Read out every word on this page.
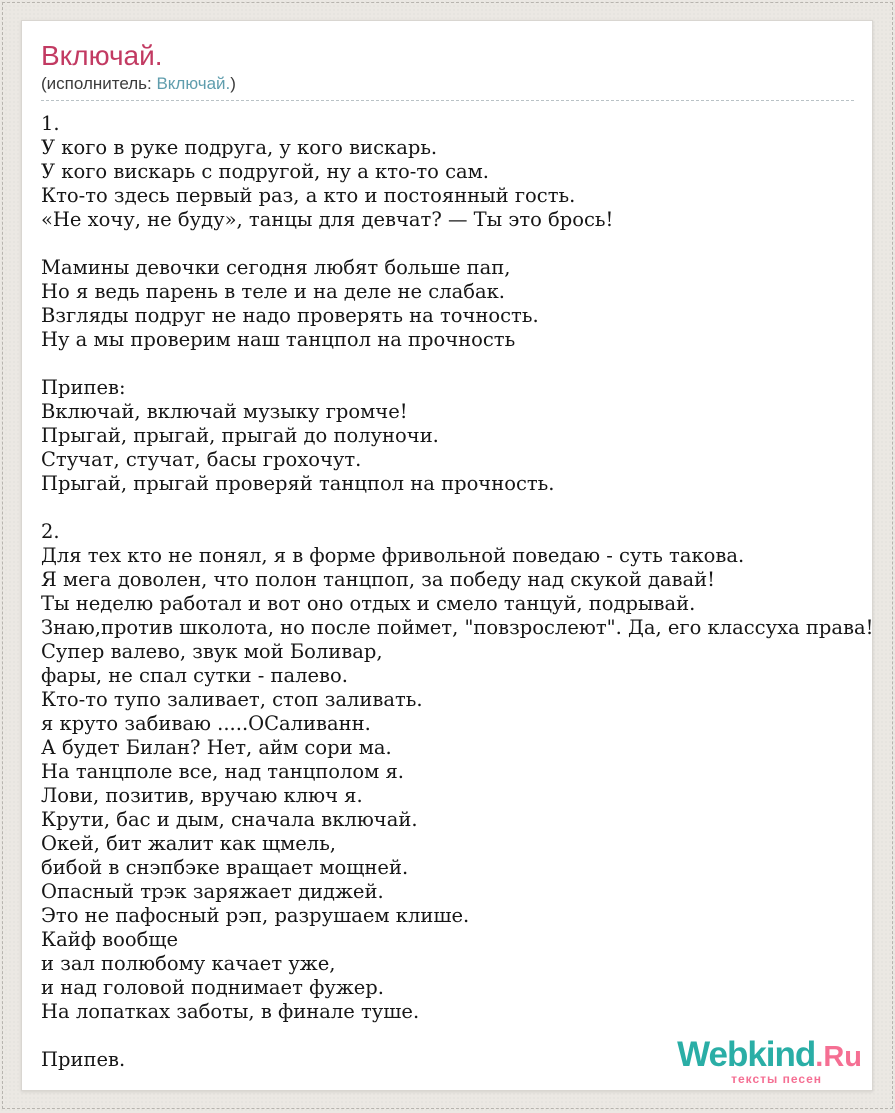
Включай.
(исполнитель: Включай.)
1.
У кого в руке подруга, у кого вискарь.
У кого вискарь с подругой, ну а кто-то сам.
Кто-то здесь первый раз, а кто и постоянный гость.
«Не хочу, не буду», танцы для девчат? — Ты это брось!
Мамины девочки сегодня любят больше пап,
Но я ведь парень в теле и на деле не слабак.
Взгляды подруг не надо проверять на точность.
Ну а мы проверим наш танцпол на прочность
Припев:
Включай, включай музыку громче!
Прыгай, прыгай, прыгай до полуночи.
Стучат, стучат, басы грохочут.
Прыгай, прыгай проверяй танцпол на прочность.
2.
Для тех кто не понял, я в форме фривольной поведаю - суть такова.
Я мега доволен, что полон танцпоп, за победу над скукой давай!
Ты неделю работал и вот оно отдых и смело танцуй, подрывай.
Знаю,против школота, но после поймет, "повзрослеют". Да, его классуха права!
Супер валево, звук мой Боливар,
фары, не спал сутки - палево.
Кто-то тупо заливает, стоп заливать.
я круто забиваю .....ОСаливанн.
А будет Билан? Нет, айм сори ма.
На танцполе все, над танцполом я.
Лови, позитив, вручаю ключ я.
Крути, бас и дым, сначала включай.
Окей, бит жалит как щмель,
бибой в снэпбэке вращает мощней.
Опасный трэк заряжает диджей.
Это не пафосный рэп, разрушаем клише.
Кайф вообще
и зал полюбому качает уже,
и над головой поднимает фужер.
На лопатках заботы, в финале туше.
Припев.	Webkind.Ru
тексты песен
